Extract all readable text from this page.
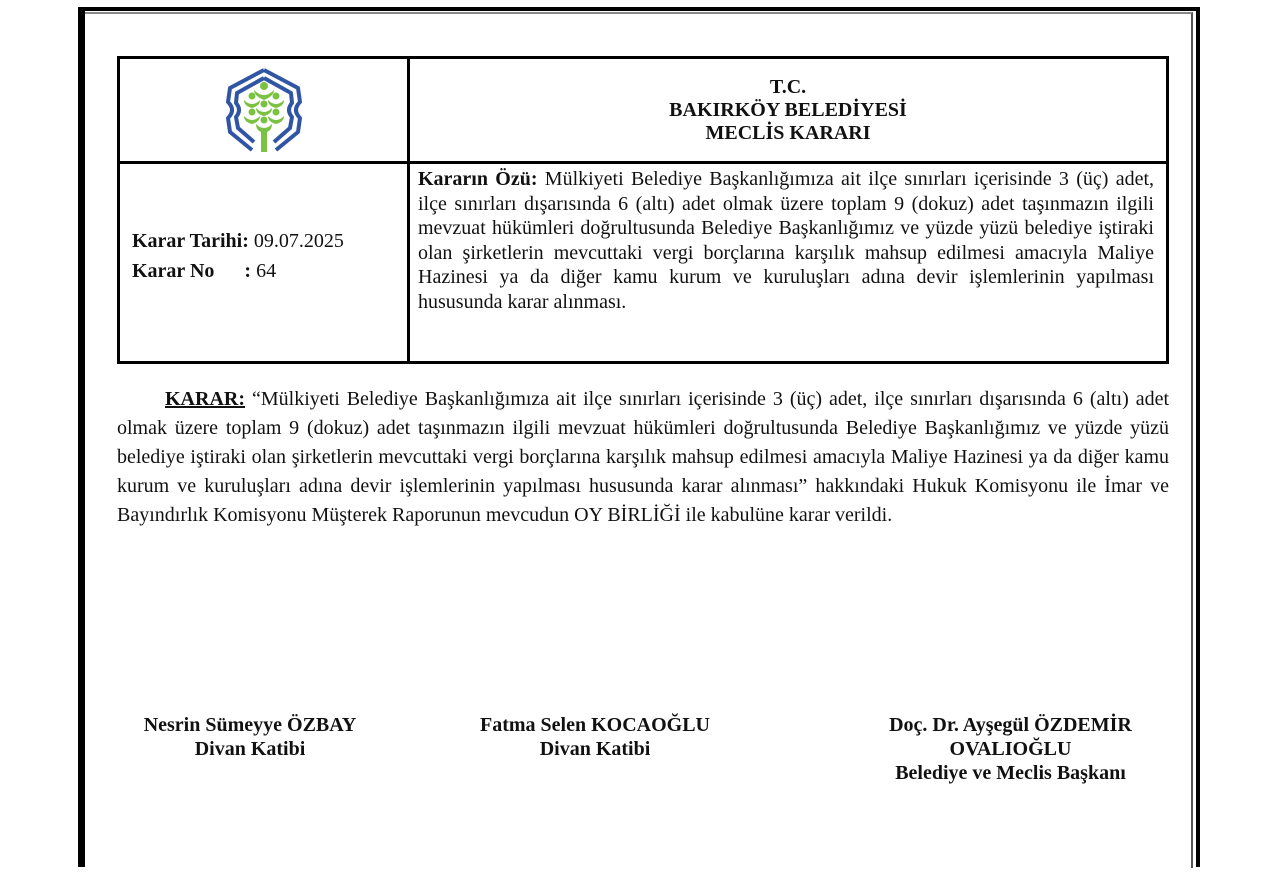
T.C.
BAKIRKÖY BELEDİYESİ
MECLİS KARARI
Karar Tarihi: 09.07.2025
Karar No : 64
Kararın Özü: Mülkiyeti Belediye Başkanlığımıza ait ilçe sınırları içerisinde 3 (üç) adet, ilçe sınırları dışarısında 6 (altı) adet olmak üzere toplam 9 (dokuz) adet taşınmazın ilgili mevzuat hükümleri doğrultusunda Belediye Başkanlığımız ve yüzde yüzü belediye iştiraki olan şirketlerin mevcuttaki vergi borçlarına karşılık mahsup edilmesi amacıyla Maliye Hazinesi ya da diğer kamu kurum ve kuruluşları adına devir işlemlerinin yapılması hususunda karar alınması.
KARAR: “Mülkiyeti Belediye Başkanlığımıza ait ilçe sınırları içerisinde 3 (üç) adet, ilçe sınırları dışarısında 6 (altı) adet olmak üzere toplam 9 (dokuz) adet taşınmazın ilgili mevzuat hükümleri doğrultusunda Belediye Başkanlığımız ve yüzde yüzü belediye iştiraki olan şirketlerin mevcuttaki vergi borçlarına karşılık mahsup edilmesi amacıyla Maliye Hazinesi ya da diğer kamu kurum ve kuruluşları adına devir işlemlerinin yapılması hususunda karar alınması” hakkındaki Hukuk Komisyonu ile İmar ve Bayındırlık Komisyonu Müşterek Raporunun mevcudun OY BİRLİĞİ ile kabulüne karar verildi.
Nesrin Sümeyye ÖZBAY
Divan Katibi
Fatma Selen KOCAOĞLU
Divan Katibi
Doç. Dr. Ayşegül ÖZDEMİR
OVALIOĞLU
Belediye ve Meclis Başkanı
